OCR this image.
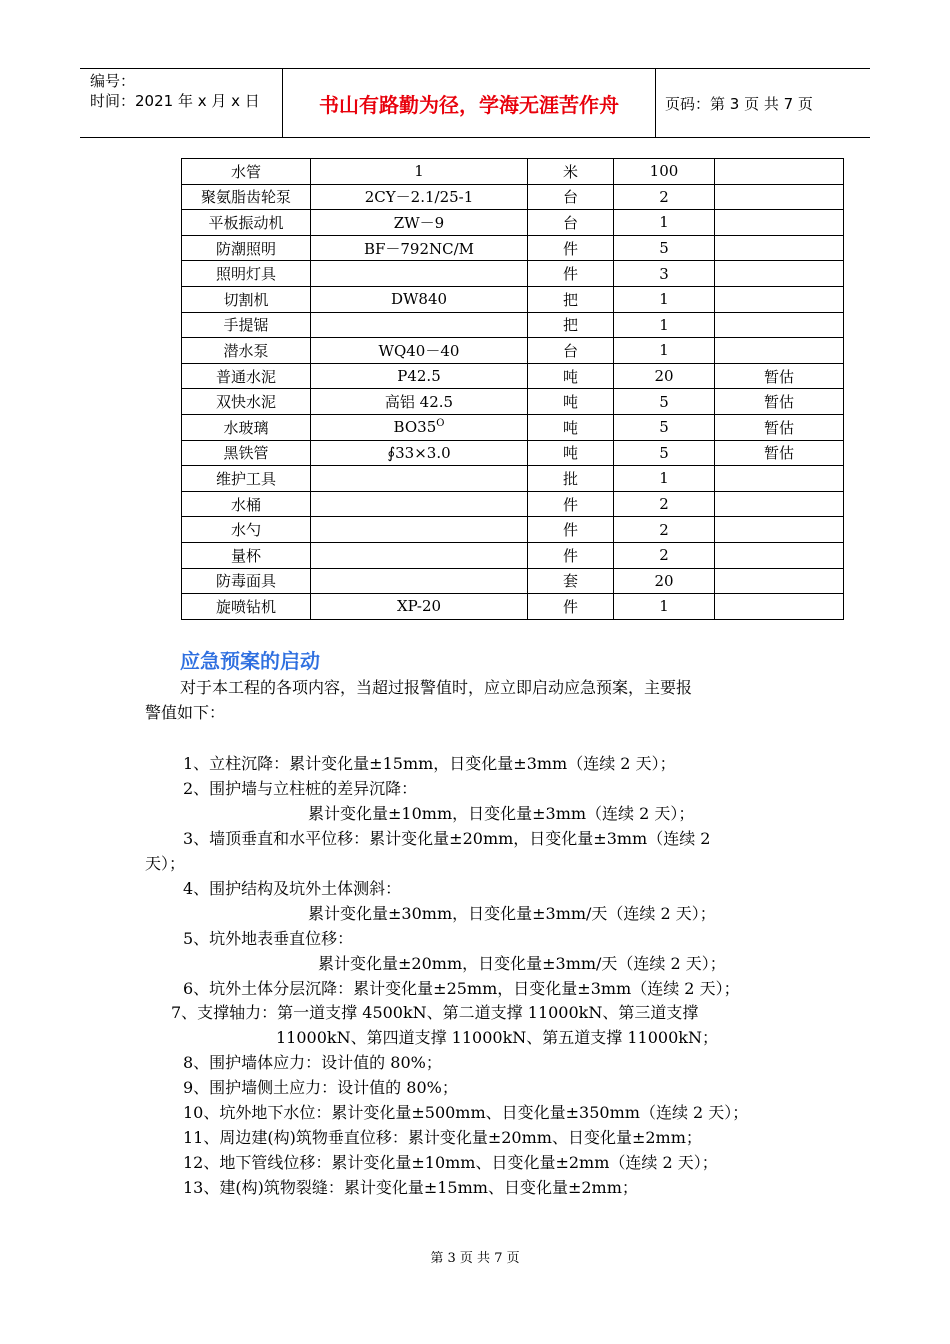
编号：
时间：2021 年 x 月 x 日	书山有路勤为径，学海无涯苦作舟	页码：第 3 页 共 7 页
水管	1	米	100	
聚氨脂齿轮泵	2CY－2.1/25-1	台	2	
平板振动机	ZW－9	台	1	
防潮照明	BF－792NC/M	件	5	
照明灯具		件	3	
切割机	DW840	把	1	
手提锯		把	1	
潜水泵	WQ40－40	台	1	
普通水泥	P42.5	吨	20	暂估
双快水泥	高铝 42.5	吨	5	暂估
水玻璃	$BO35^O$	吨	5	暂估
黑铁管	∮33×3.0	吨	5	暂估
维护工具		批	1	
水桶		件	2	
水勺		件	2	
量杯		件	2	
防毒面具		套	20	
旋喷钻机	XP-20	件	1	
应急预案的启动
对于本工程的各项内容，当超过报警值时，应立即启动应急预案，主要报
警值如下：
1、立柱沉降：累计变化量±15mm，日变化量±3mm（连续 2 天）；
2、围护墙与立柱桩的差异沉降：
累计变化量±10mm，日变化量±3mm（连续 2 天）；
3、墙顶垂直和水平位移：累计变化量±20mm，日变化量±3mm（连续 2
天）；
4、围护结构及坑外土体测斜：
累计变化量±30mm，日变化量±3mm/天（连续 2 天）；
5、坑外地表垂直位移：
累计变化量±20mm，日变化量±3mm/天（连续 2 天）；
6、坑外土体分层沉降：累计变化量±25mm，日变化量±3mm（连续 2 天）；
7、支撑轴力：第一道支撑 4500kN、第二道支撑 11000kN、第三道支撑
11000kN、第四道支撑 11000kN、第五道支撑 11000kN；
8、围护墙体应力：设计值的 80%；
9、围护墙侧土应力：设计值的 80%；
10、坑外地下水位：累计变化量±500mm、日变化量±350mm（连续 2 天）；
11、周边建(构)筑物垂直位移：累计变化量±20mm、日变化量±2mm；
12、地下管线位移：累计变化量±10mm、日变化量±2mm（连续 2 天）；
13、建(构)筑物裂缝：累计变化量±15mm、日变化量±2mm；
第 3 页 共 7 页
